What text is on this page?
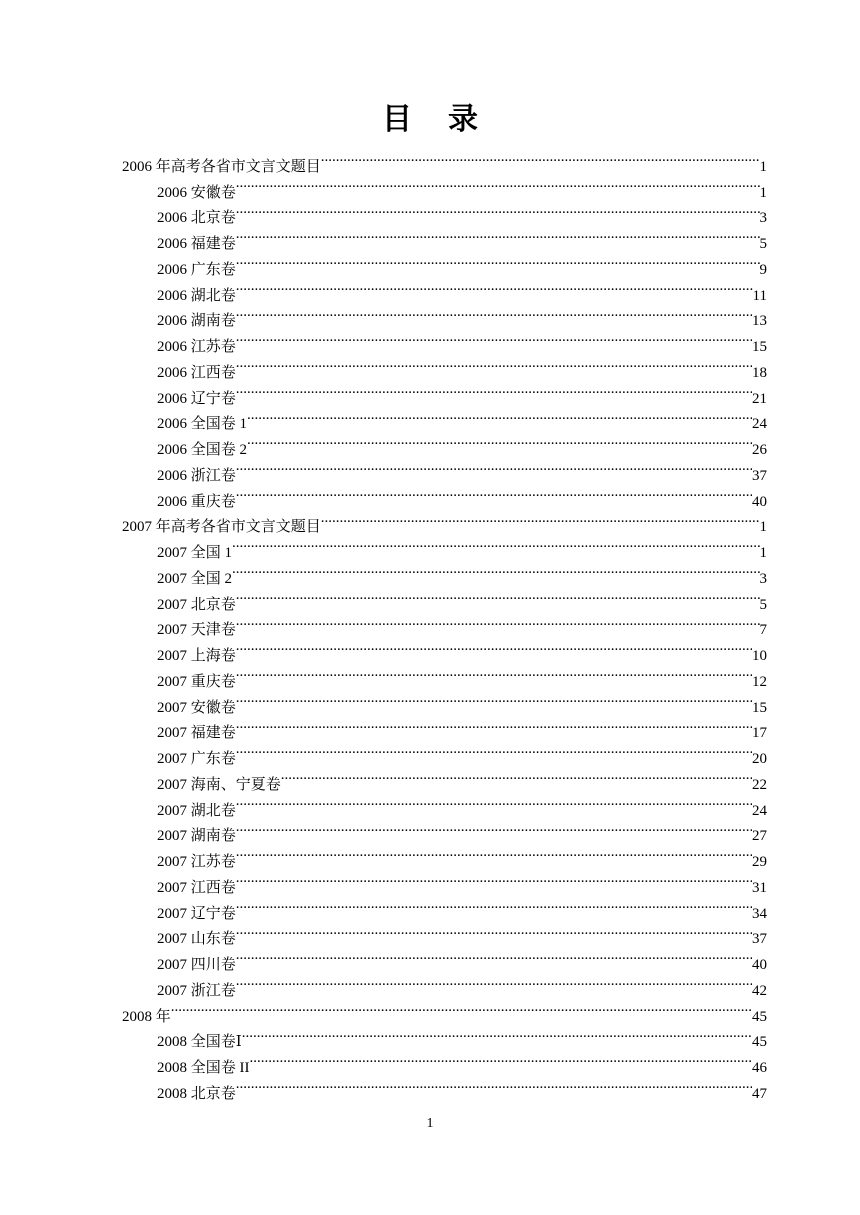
目录
2006 年高考各省市文言文题目 .....	1
2006 安徽卷 .....	1
2006 北京卷 .....	3
2006 福建卷 .....	5
2006 广东卷 .....	9
2006 湖北卷 .....	11
2006 湖南卷 .....	13
2006 江苏卷 .....	15
2006 江西卷 .....	18
2006 辽宁卷 .....	21
2006 全国卷 1 .....	24
2006 全国卷 2 .....	26
2006 浙江卷 .....	37
2006 重庆卷 .....	40
2007 年高考各省市文言文题目 .....	1
2007 全国 1 .....	1
2007 全国 2 .....	3
2007 北京卷 .....	5
2007 天津卷 .....	7
2007 上海卷 .....	10
2007 重庆卷 .....	12
2007 安徽卷 .....	15
2007 福建卷 .....	17
2007 广东卷 .....	20
2007 海南、宁夏卷 .....	22
2007 湖北卷 .....	24
2007 湖南卷 .....	27
2007 江苏卷 .....	29
2007 江西卷 .....	31
2007 辽宁卷 .....	34
2007 山东卷 .....	37
2007 四川卷 .....	40
2007 浙江卷 .....	42
2008 年 .....	45
2008 全国卷Ⅰ .....	45
2008 全国卷 II .....	46
2008 北京卷 .....	47
1
